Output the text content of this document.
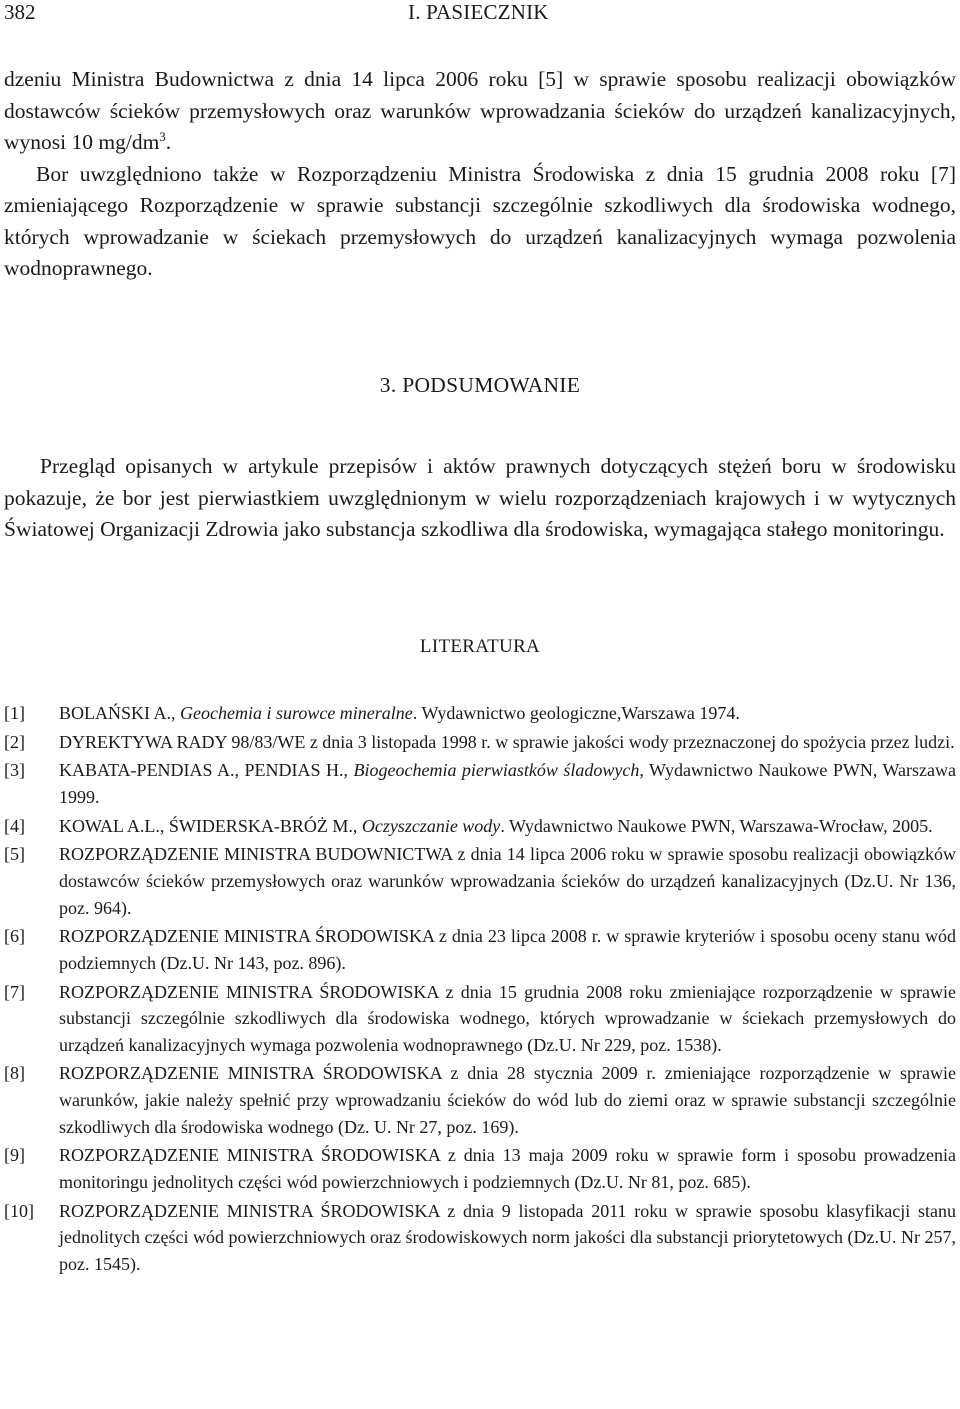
382	I. PASIECZNIK

dzeniu Ministra Budownictwa z dnia 14 lipca 2006 roku [5] w sprawie sposobu realizacji obowiązków dostawców ścieków przemysłowych oraz warunków wprowadzania ścieków do urządzeń kanalizacyjnych, wynosi 10 $mg/dm^3$.
Bor uwzględniono także w Rozporządzeniu Ministra Środowiska z dnia 15 grudnia 2008 roku [7] zmieniającego Rozporządzenie w sprawie substancji szczególnie szkodliwych dla środowiska wodnego, których wprowadzanie w ściekach przemysłowych do urządzeń kanalizacyjnych wymaga pozwolenia wodnoprawnego.

3. PODSUMOWANIE

Przegląd opisanych w artykule przepisów i aktów prawnych dotyczących stężeń boru w środowisku pokazuje, że bor jest pierwiastkiem uwzględnionym w wielu rozporządzeniach krajowych i w wytycznych Światowej Organizacji Zdrowia jako substancja szkodliwa dla środowiska, wymagająca stałego monitoringu.

LITERATURA
[1] BOLAŃSKI A., Geochemia i surowce mineralne. Wydawnictwo geologiczne,Warszawa 1974.
[2] DYREKTYWA RADY 98/83/WE z dnia 3 listopada 1998 r. w sprawie jakości wody przeznaczonej do spożycia przez ludzi.
[3] KABATA-PENDIAS A., PENDIAS H., Biogeochemia pierwiastków śladowych, Wydawnictwo Naukowe PWN, Warszawa 1999.
[4] KOWAL A.L., ŚWIDERSKA-BRÓŻ M., Oczyszczanie wody. Wydawnictwo Naukowe PWN, Warszawa-Wrocław, 2005.
[5] ROZPORZĄDZENIE MINISTRA BUDOWNICTWA z dnia 14 lipca 2006 roku w sprawie sposobu realizacji obowiązków dostawców ścieków przemysłowych oraz warunków wprowadzania ścieków do urządzeń kanalizacyjnych (Dz.U. Nr 136, poz. 964).
[6] ROZPORZĄDZENIE MINISTRA ŚRODOWISKA z dnia 23 lipca 2008 r. w sprawie kryteriów i sposobu oceny stanu wód podziemnych (Dz.U. Nr 143, poz. 896).
[7] ROZPORZĄDZENIE MINISTRA ŚRODOWISKA z dnia 15 grudnia 2008 roku zmieniające rozporządzenie w sprawie substancji szczególnie szkodliwych dla środowiska wodnego, których wprowadzanie w ściekach przemysłowych do urządzeń kanalizacyjnych wymaga pozwolenia wodnoprawnego (Dz.U. Nr 229, poz. 1538).
[8] ROZPORZĄDZENIE MINISTRA ŚRODOWISKA z dnia 28 stycznia 2009 r. zmieniające rozporządzenie w sprawie warunków, jakie należy spełnić przy wprowadzaniu ścieków do wód lub do ziemi oraz w sprawie substancji szczególnie szkodliwych dla środowiska wodnego (Dz. U. Nr 27, poz. 169).
[9] ROZPORZĄDZENIE MINISTRA ŚRODOWISKA z dnia 13 maja 2009 roku w sprawie form i sposobu prowadzenia monitoringu jednolitych części wód powierzchniowych i podziemnych (Dz.U. Nr 81, poz. 685).
[10] ROZPORZĄDZENIE MINISTRA ŚRODOWISKA z dnia 9 listopada 2011 roku w sprawie sposobu klasyfikacji stanu jednolitych części wód powierzchniowych oraz środowiskowych norm jakości dla substancji priorytetowych (Dz.U. Nr 257, poz. 1545).
